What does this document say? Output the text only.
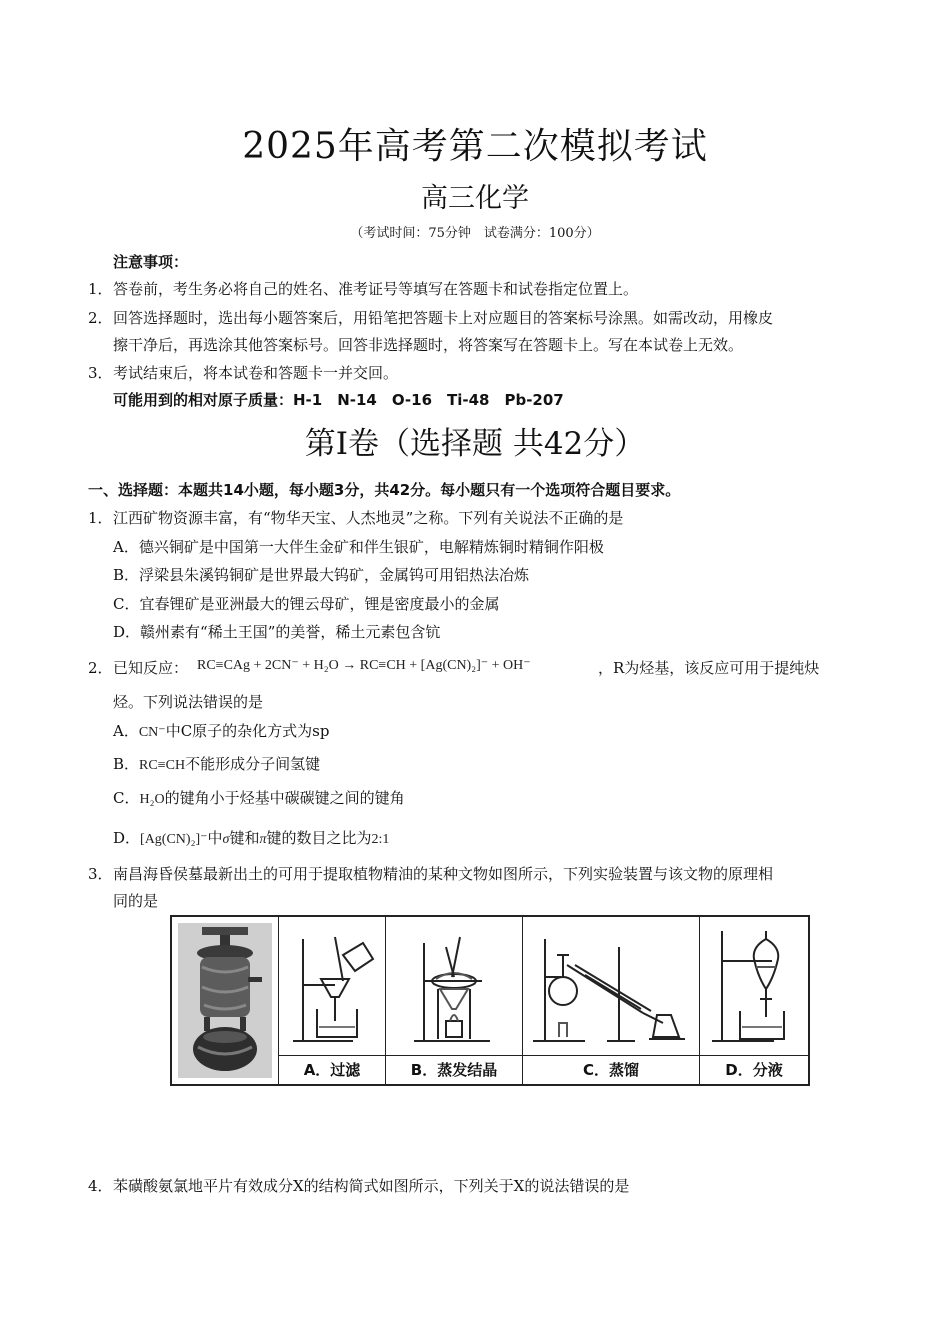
2025年高考第二次模拟考试
高三化学
（考试时间：75分钟　试卷满分：100分）
注意事项：
1． 答卷前，考生务必将自己的姓名、准考证号等填写在答题卡和试卷指定位置上。
2． 回答选择题时，选出每小题答案后，用铅笔把答题卡上对应题目的答案标号涂黑。如需改动，用橡皮
擦干净后，再选涂其他答案标号。回答非选择题时，将答案写在答题卡上。写在本试卷上无效。
3． 考试结束后，将本试卷和答题卡一并交回。
可能用到的相对原子质量：H-1　N-14　O-16　Ti-48　Pb-207
第Ⅰ卷（选择题 共42分）
一、选择题：本题共14小题，每小题3分，共42分。每小题只有一个选项符合题目要求。
1． 江西矿物资源丰富，有“物华天宝、人杰地灵”之称。下列有关说法不正确的是
A．德兴铜矿是中国第一大伴生金矿和伴生银矿，电解精炼铜时精铜作阳极
B．浮梁县朱溪钨铜矿是世界最大钨矿，金属钨可用铝热法冶炼
C．宜春锂矿是亚洲最大的锂云母矿，锂是密度最小的金属
D．赣州素有“稀土王国”的美誉，稀土元素包含钪
2． 已知反应： RC≡CAg + 2CN⁻ + H₂O → RC≡CH + [Ag(CN)₂]⁻ + OH⁻	，R为烃基，该反应可用于提纯炔
烃。下列说法错误的是
A．CN⁻中C原子的杂化方式为sp
B．RC≡CH不能形成分子间氢键
C．H₂O的键角小于烃基中碳碳键之间的键角
D．[Ag(CN)₂]⁻中σ键和π键的数目之比为2:1
3． 南昌海昏侯墓最新出土的可用于提取植物精油的某种文物如图所示，下列实验装置与该文物的原理相
同的是
A．过滤	B．蒸发结晶	C．蒸馏	D．分液
4． 苯磺酸氨氯地平片有效成分X的结构简式如图所示，下列关于X的说法错误的是
